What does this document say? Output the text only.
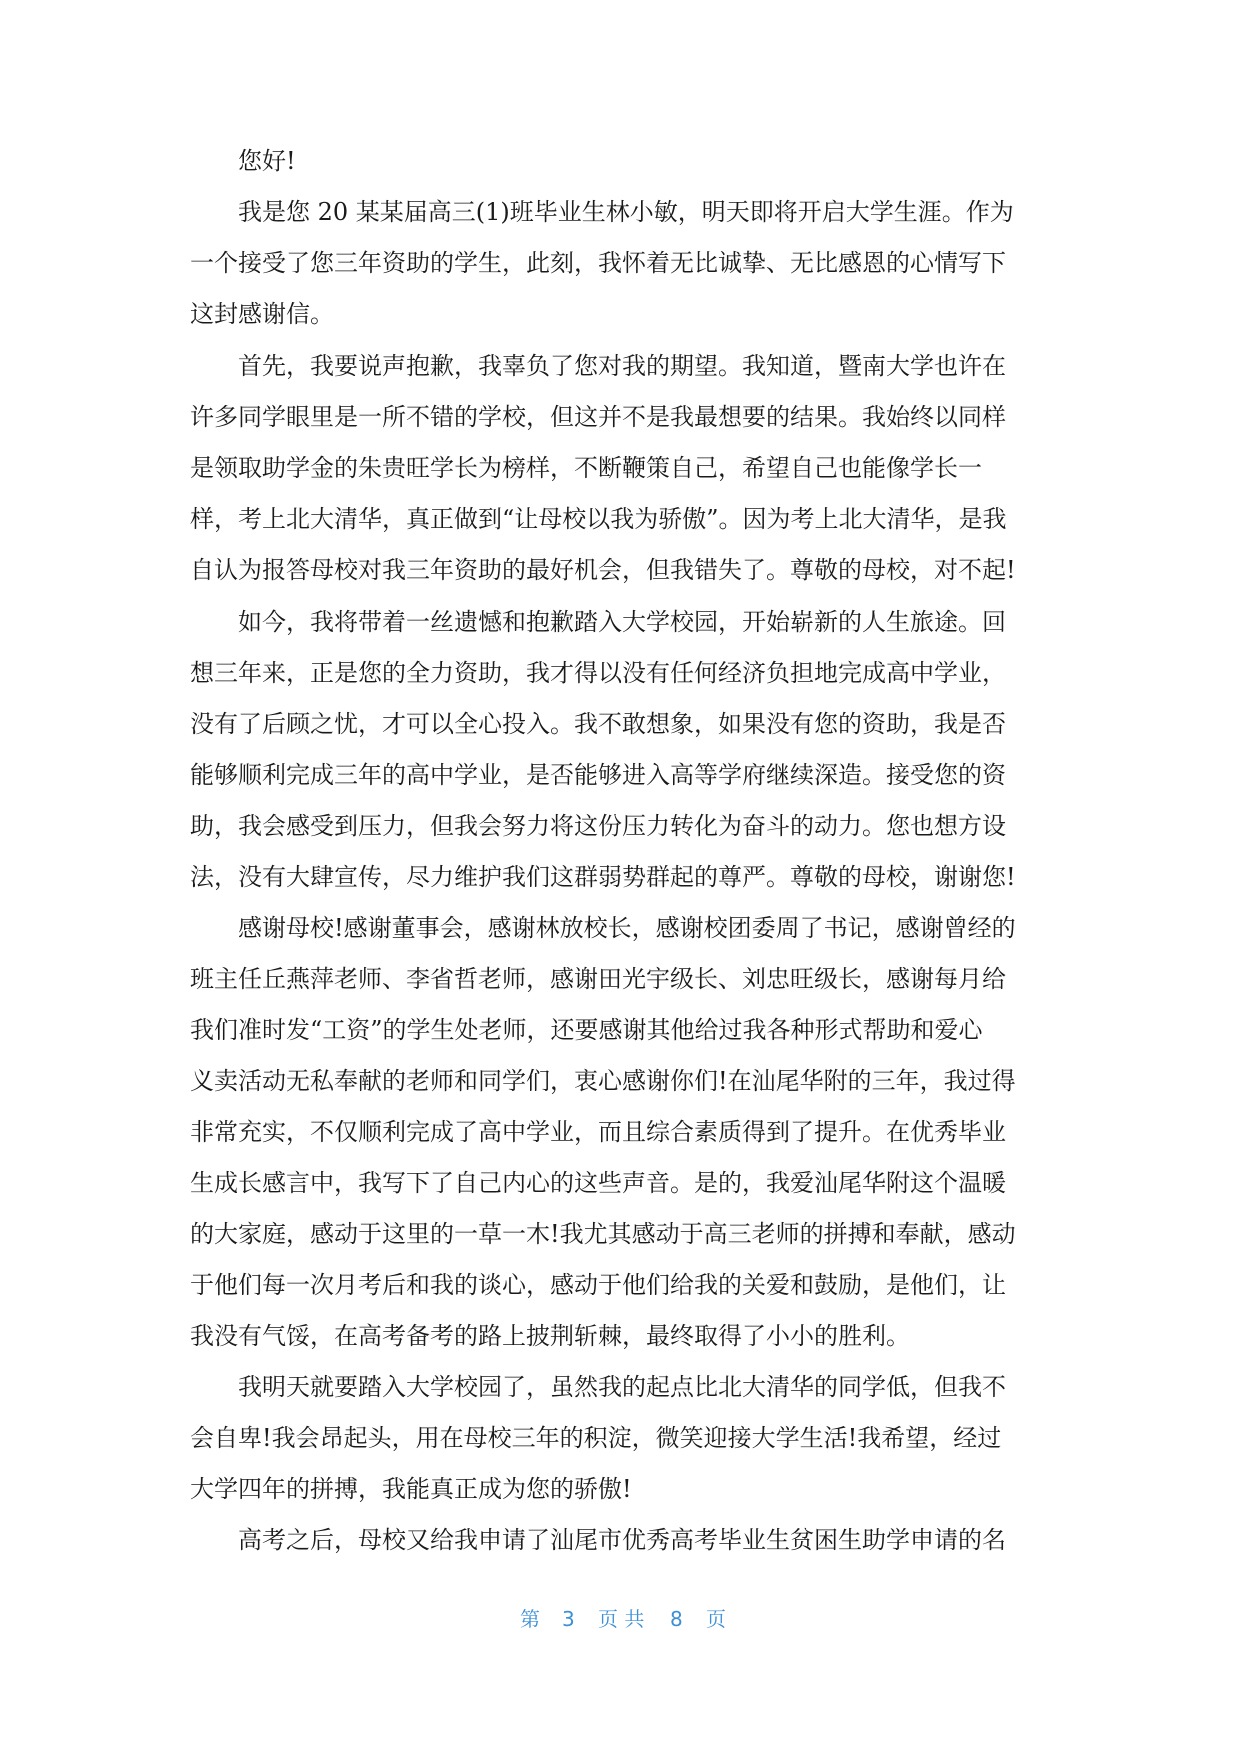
您好!

我是您 20 某某届高三(1)班毕业生林小敏，明天即将开启大学生涯。作为

一个接受了您三年资助的学生，此刻，我怀着无比诚挚、无比感恩的心情写下

这封感谢信。

首先，我要说声抱歉，我辜负了您对我的期望。我知道，暨南大学也许在

许多同学眼里是一所不错的学校，但这并不是我最想要的结果。我始终以同样

是领取助学金的朱贵旺学长为榜样，不断鞭策自己，希望自己也能像学长一

样，考上北大清华，真正做到“让母校以我为骄傲”。因为考上北大清华，是我

自认为报答母校对我三年资助的最好机会，但我错失了。尊敬的母校，对不起!

如今，我将带着一丝遗憾和抱歉踏入大学校园，开始崭新的人生旅途。回

想三年来，正是您的全力资助，我才得以没有任何经济负担地完成高中学业，

没有了后顾之忧，才可以全心投入。我不敢想象，如果没有您的资助，我是否

能够顺利完成三年的高中学业，是否能够进入高等学府继续深造。接受您的资

助，我会感受到压力，但我会努力将这份压力转化为奋斗的动力。您也想方设

法，没有大肆宣传，尽力维护我们这群弱势群起的尊严。尊敬的母校，谢谢您!

感谢母校!感谢董事会，感谢林放校长，感谢校团委周了书记，感谢曾经的

班主任丘燕萍老师、李省哲老师，感谢田光宇级长、刘忠旺级长，感谢每月给

我们准时发“工资”的学生处老师，还要感谢其他给过我各种形式帮助和爱心

义卖活动无私奉献的老师和同学们，衷心感谢你们!在汕尾华附的三年，我过得

非常充实，不仅顺利完成了高中学业，而且综合素质得到了提升。在优秀毕业

生成长感言中，我写下了自己内心的这些声音。是的，我爱汕尾华附这个温暖

的大家庭，感动于这里的一草一木!我尤其感动于高三老师的拼搏和奉献，感动

于他们每一次月考后和我的谈心，感动于他们给我的关爱和鼓励，是他们，让

我没有气馁，在高考备考的路上披荆斩棘，最终取得了小小的胜利。

我明天就要踏入大学校园了，虽然我的起点比北大清华的同学低，但我不

会自卑!我会昂起头，用在母校三年的积淀，微笑迎接大学生活!我希望，经过

大学四年的拼搏，我能真正成为您的骄傲!

高考之后，母校又给我申请了汕尾市优秀高考毕业生贫困生助学申请的名

第 3 页 共 8 页
